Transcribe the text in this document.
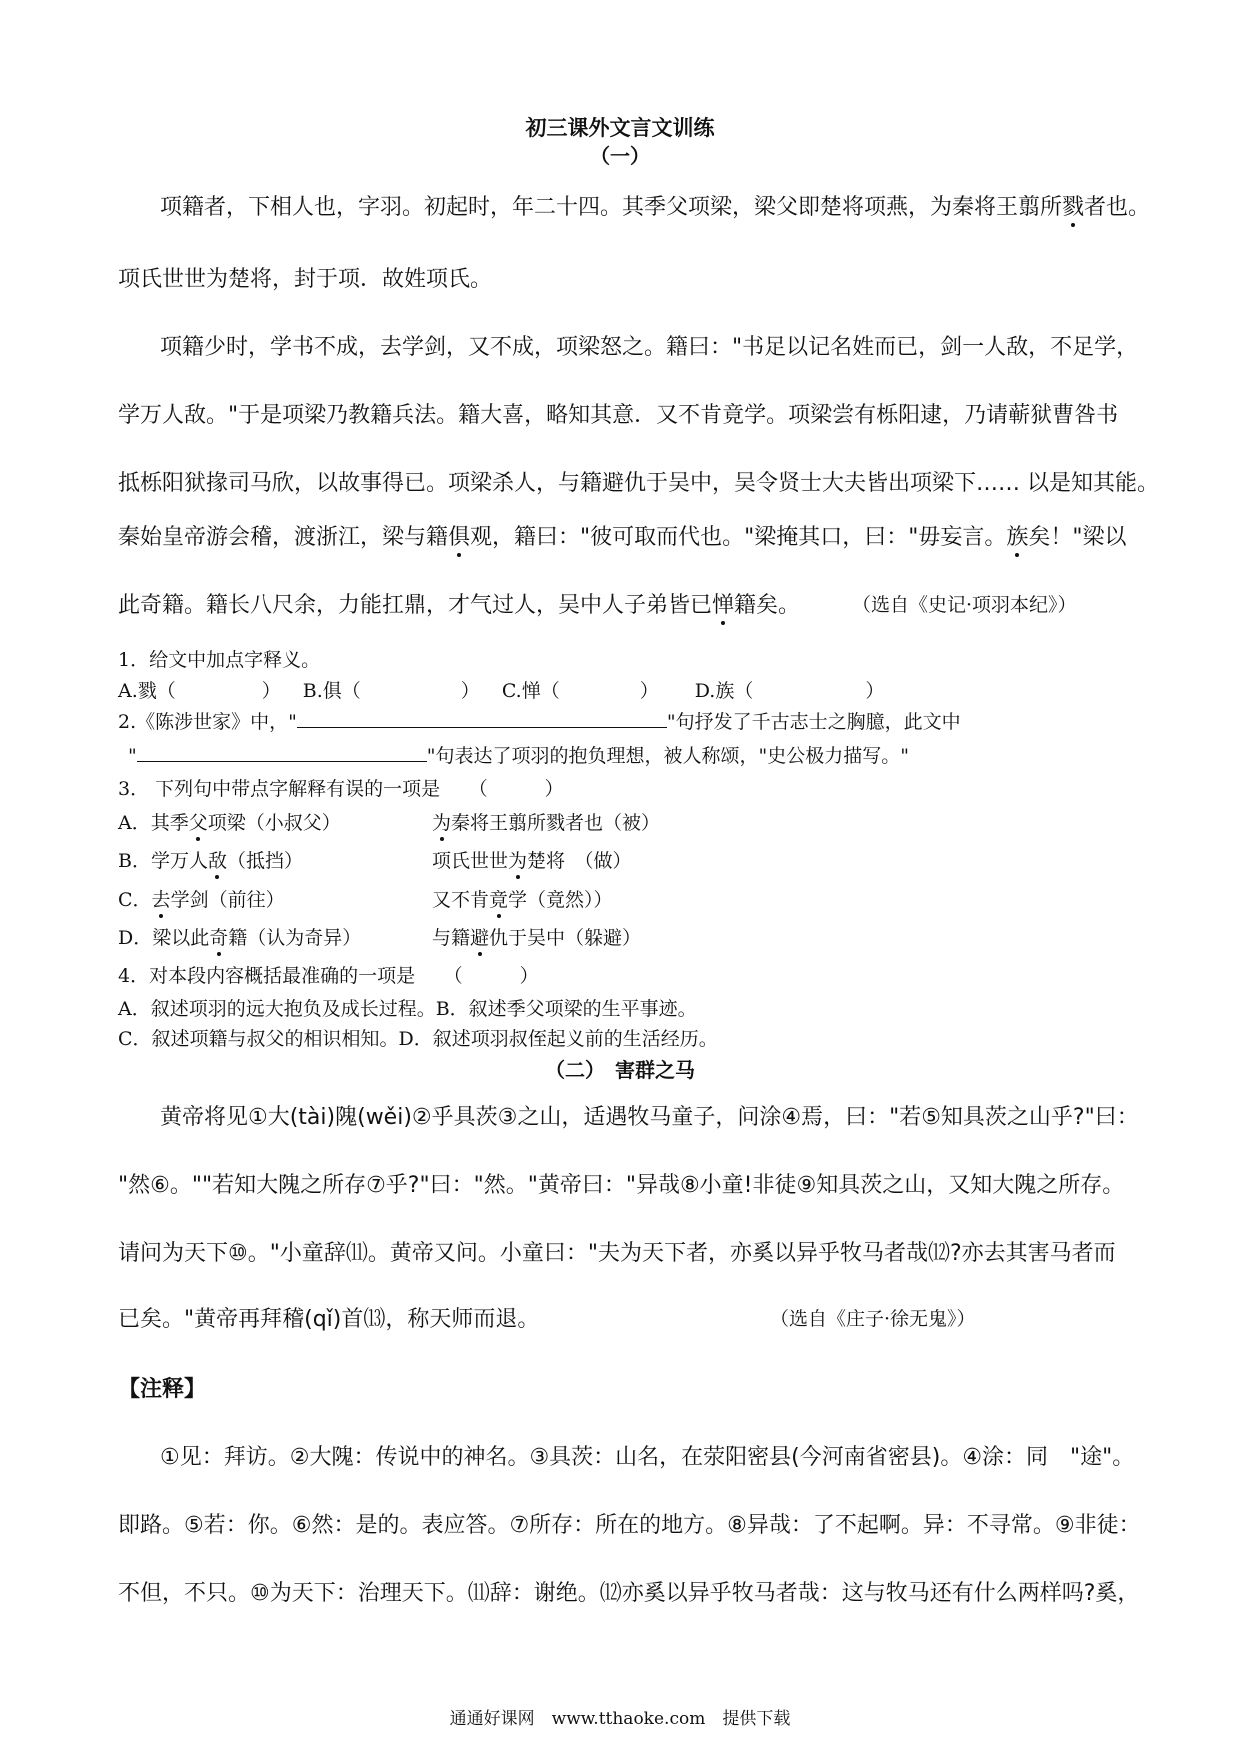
初三课外文言文训练
（一）
项籍者，下相人也，字羽。初起时，年二十四。其季父项梁，梁父即楚将项燕，为秦将王翦所戮者也。
项氏世世为楚将，封于项．故姓项氏。
项籍少时，学书不成，去学剑，又不成，项梁怒之。籍曰："书足以记名姓而已，剑一人敌，不足学，
学万人敌。"于是项梁乃教籍兵法。籍大喜，略知其意．又不肯竟学。项梁尝有栎阳逮，乃请蕲狱曹咎书
抵栎阳狱掾司马欣，以故事得已。项梁杀人，与籍避仇于吴中，吴令贤士大夫皆出项梁下…… 以是知其能。
秦始皇帝游会稽，渡浙江，梁与籍俱观，籍曰："彼可取而代也。"梁掩其口，曰："毋妄言。族矣！"梁以
此奇籍。籍长八尺余，力能扛鼎，才气过人，吴中人子弟皆已惮籍矣。	（选自《史记·项羽本纪》）
1．给文中加点字释义。
A.戮（	） B.俱（	） C.惮（	） D.族（	）
2.《陈涉世家》中，"	"句抒发了千古志士之胸臆，此文中
"	"句表达了项羽的抱负理想，被人称颂，"史公极力描写。"
3． 下列句中带点字解释有误的一项是　　（　　　）
A．其季父项梁（小叔父）	为秦将王翦所戮者也（被）
B．学万人敌（抵挡）	项氏世世为楚将　（做）
C．去学剑（前往）	又不肯竟学（竟然））
D．梁以此奇籍（认为奇异）	与籍避仇于吴中（躲避）
4．对本段内容概括最准确的一项是　　（　　　）
A．叙述项羽的远大抱负及成长过程。B．叙述季父项梁的生平事迹。
C．叙述项籍与叔父的相识相知。D．叙述项羽叔侄起义前的生活经历。
（二）　害群之马
黄帝将见①大(tài)隗(wěi)②乎具茨③之山，适遇牧马童子，问涂④焉，曰："若⑤知具茨之山乎?"曰：
"然⑥。""若知大隗之所存⑦乎?"曰："然。"黄帝曰："异哉⑧小童!非徒⑨知具茨之山，又知大隗之所存。
请问为天下⑩。"小童辞⑾。黄帝又问。小童曰："夫为天下者，亦奚以异乎牧马者哉⑿?亦去其害马者而
已矣。"黄帝再拜稽(qǐ)首⒀，称天师而退。	（选自《庄子·徐无鬼》）
【注释】
①见：拜访。②大隗：传说中的神名。③具茨：山名，在荥阳密县(今河南省密县)。④涂：同　"途"。
即路。⑤若：你。⑥然：是的。表应答。⑦所存：所在的地方。⑧异哉：了不起啊。异：不寻常。⑨非徒：
不但，不只。⑩为天下：治理天下。⑾辞：谢绝。⑿亦奚以异乎牧马者哉：这与牧马还有什么两样吗?奚，
通通好课网　www.tthaoke.com　提供下载
